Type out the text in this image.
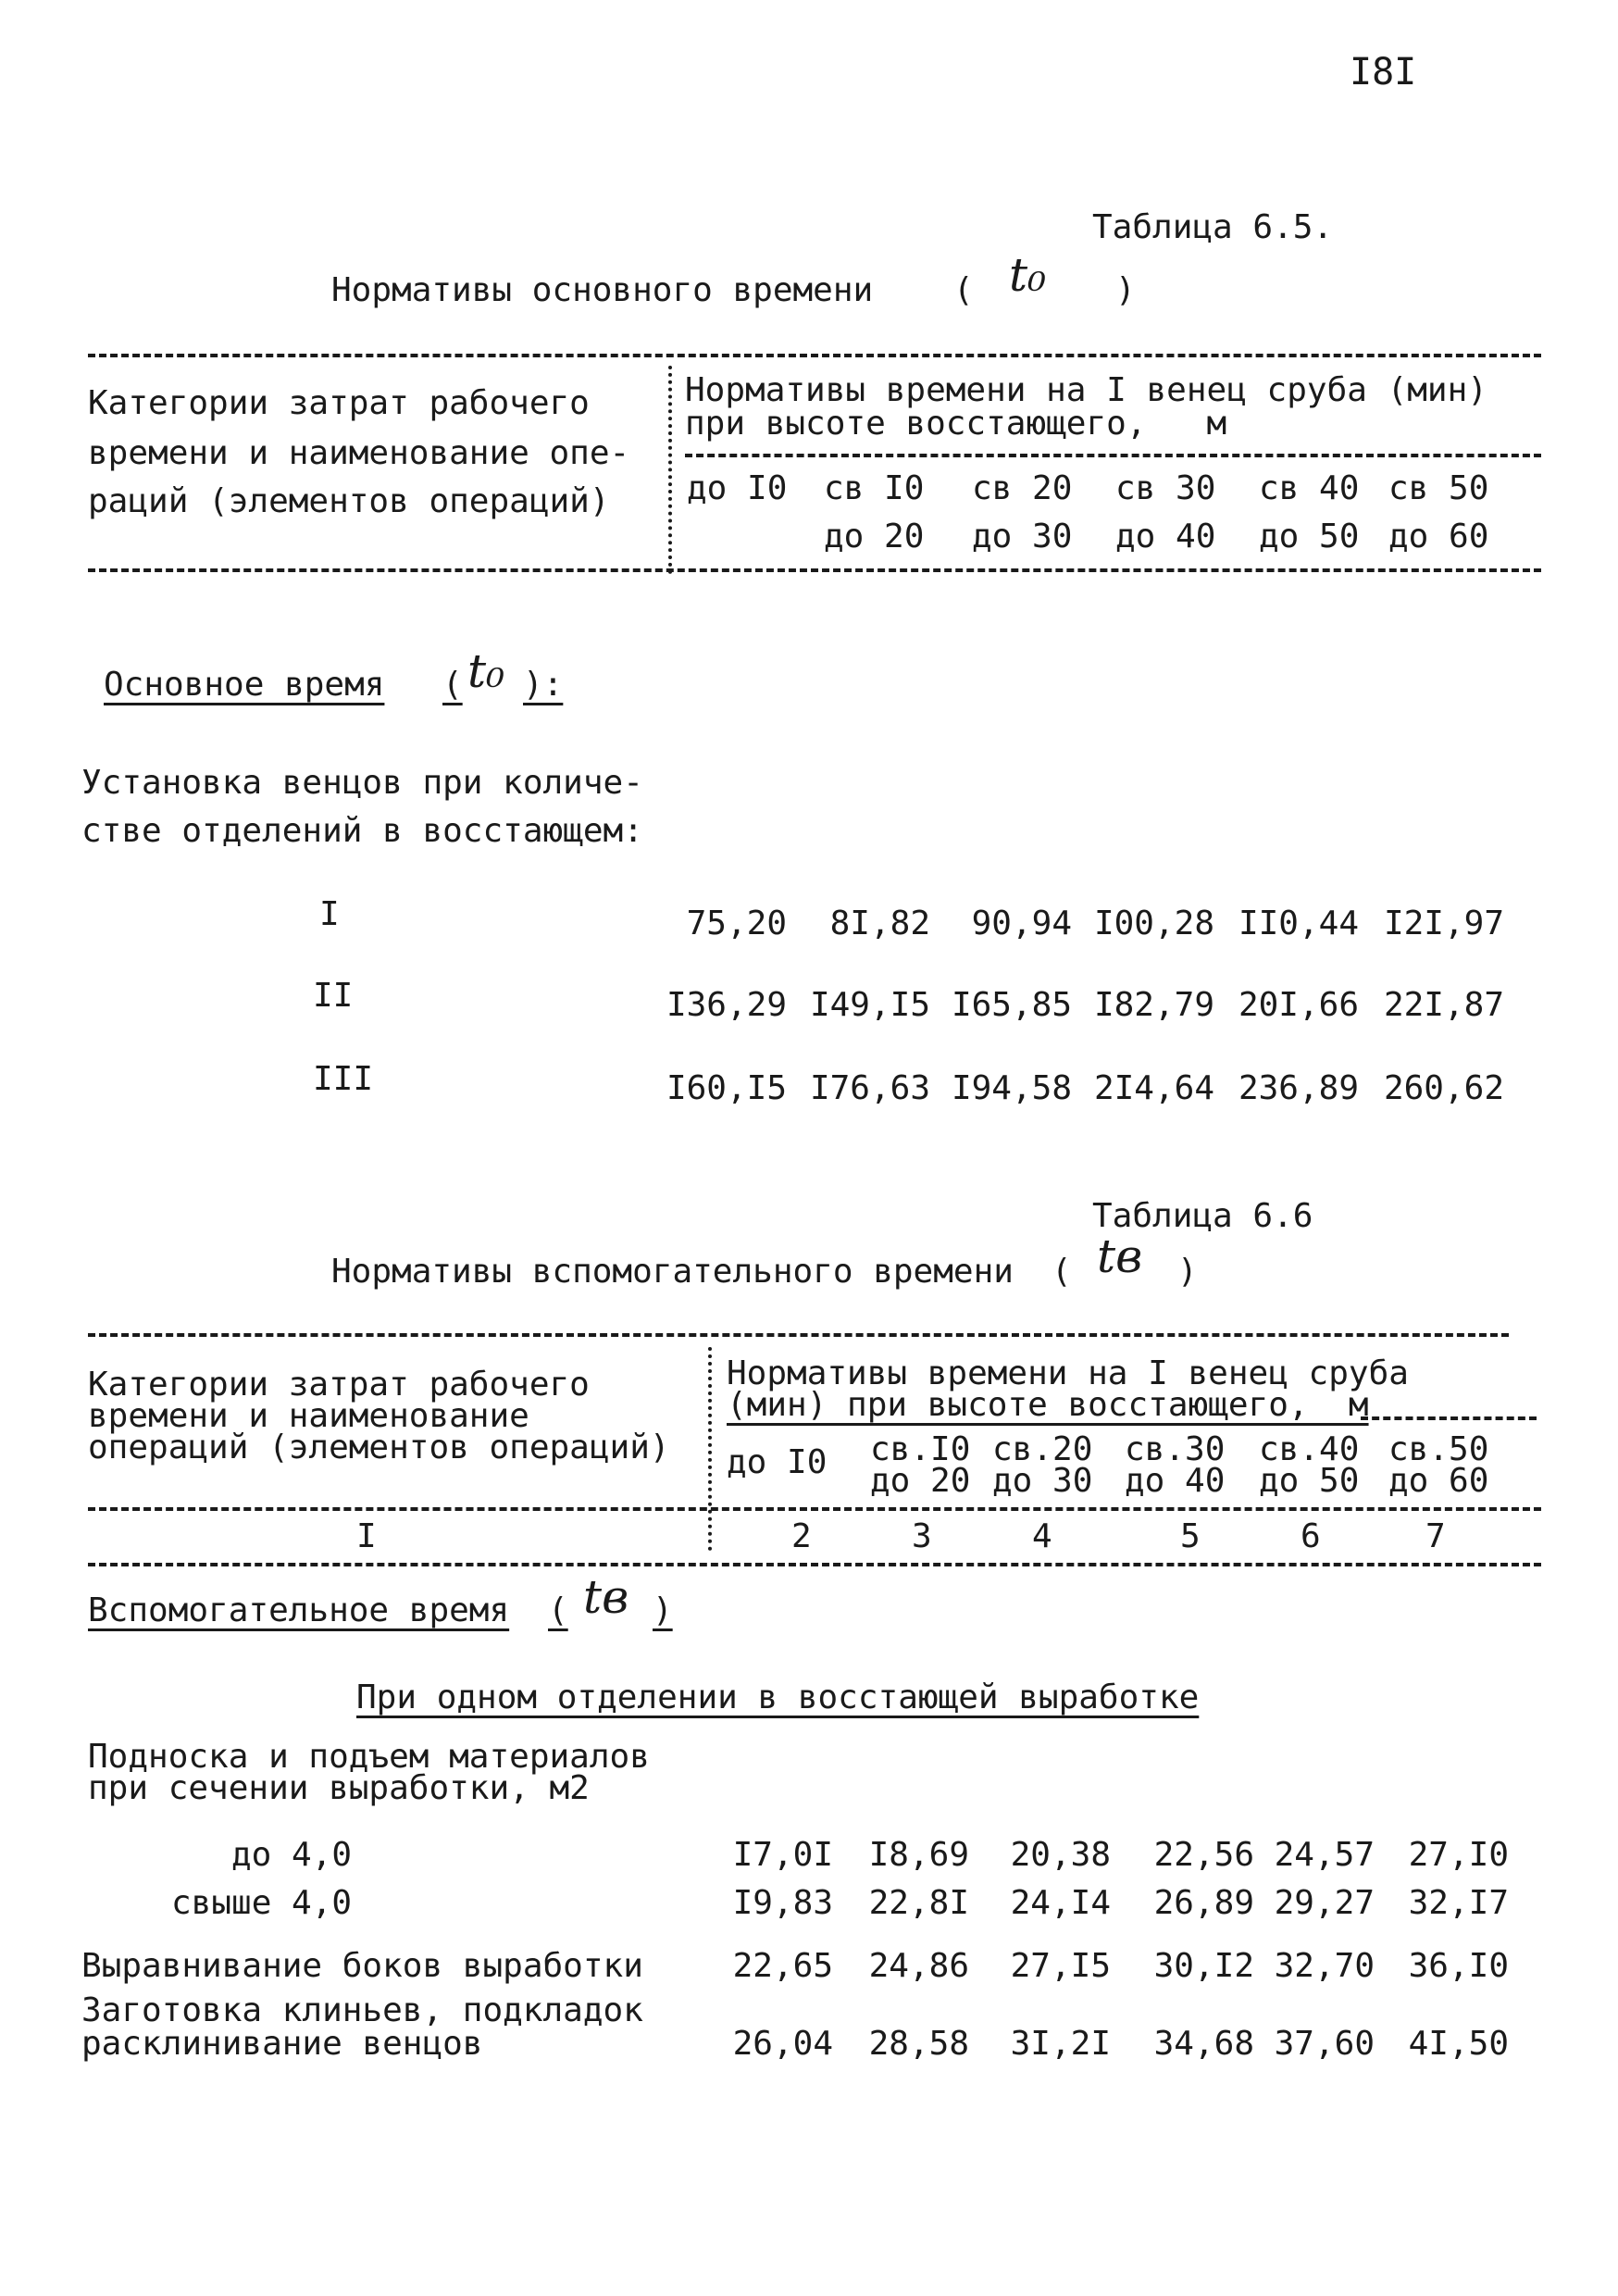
I8I
Таблица 6.5.
Нормативы основного времени ( t₀ )
Категории затрат рабочего
времени и наименование опе-
раций (элементов операций)
Нормативы времени на I венец сруба (мин)
при высоте восстающего,   м
до I0 св I0 св 20 св 30 св 40 св 50
до 20 до 30 до 40 до 50 до 60
Основное время ( t₀ ):
Установка венцов при количе-
стве отделений в восстающем:
I	75,20 8I,82 90,94 I00,28 II0,44 I2I,97
II	I36,29 I49,I5 I65,85 I82,79 20I,66 22I,87
III	I60,I5 I76,63 I94,58 2I4,64 236,89 260,62
Таблица 6.6
Нормативы вспомогательного времени ( tв )
Категории затрат рабочего
времени и наименование
операций (элементов операций)
Нормативы времени на I венец сруба
(мин) при высоте восстающего,  м
до I0 св.I0 св.20 св.30 св.40 св.50
до 20 до 30 до 40 до 50 до 60
I	2	3	4	5	6	7
Вспомогательное время ( tв )
При одном отделении в восстающей выработке
Подноска и подъем материалов
при сечении выработки, м2
до 4,0	I7,0I I8,69 20,38 22,56 24,57 27,I0
свыше 4,0	I9,83 22,8I 24,I4 26,89 29,27 32,I7
Выравнивание боков выработки	22,65 24,86 27,I5 30,I2 32,70 36,I0
Заготовка клиньев, подкладок
расклинивание венцов	26,04 28,58 3I,2I 34,68 37,60 4I,50
